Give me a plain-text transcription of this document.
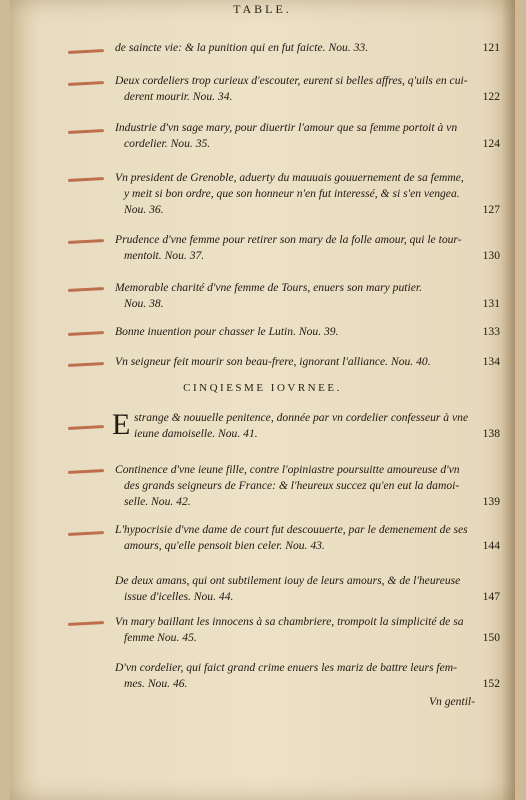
TABLE.
de saincte vie: & la punition qui en fut faicte. Nou. 33.	121
Deux cordeliers trop curieux d'escouter, eurent si belles affres, q'uils en cui-
derent mourir. Nou. 34.	122
Industrie d'vn sage mary, pour diuertir l'amour que sa femme portoit à vn
cordelier. Nou. 35.	124
Vn president de Grenoble, aduerty du mauuais gouuernement de sa femme,
y meit si bon ordre, que son honneur n'en fut interessé, & si s'en vengea.
Nou. 36.	127
Prudence d'vne femme pour retirer son mary de la folle amour, qui le tour-
mentoit. Nou. 37.	130
Memorable charité d'vne femme de Tours, enuers son mary putier.
Nou. 38.	131
Bonne inuention pour chasser le Lutin. Nou. 39.	133
Vn seigneur feit mourir son beau-frere, ignorant l'alliance. Nou. 40.	134
CINQIESME IOVRNEE.
E strange & nouuelle penitence, donnée par vn cordelier confesseur à vne
ieune damoiselle. Nou. 41.	138
Continence d'vne ieune fille, contre l'opiniastre poursuitte amoureuse d'vn
des grands seigneurs de France: & l'heureux succez qu'en eut la damoi-
selle. Nou. 42.	139
L'hypocrisie d'vne dame de court fut descouuerte, par le demenement de ses
amours, qu'elle pensoit bien celer. Nou. 43.	144
De deux amans, qui ont subtilement iouy de leurs amours, & de l'heureuse
issue d'icelles. Nou. 44.	147
Vn mary baillant les innocens à sa chambriere, trompoit la simplicité de sa
femme Nou. 45.	150
D'vn cordelier, qui faict grand crime enuers les mariz de battre leurs fem-
mes. Nou. 46.	152
Vn gentil-
